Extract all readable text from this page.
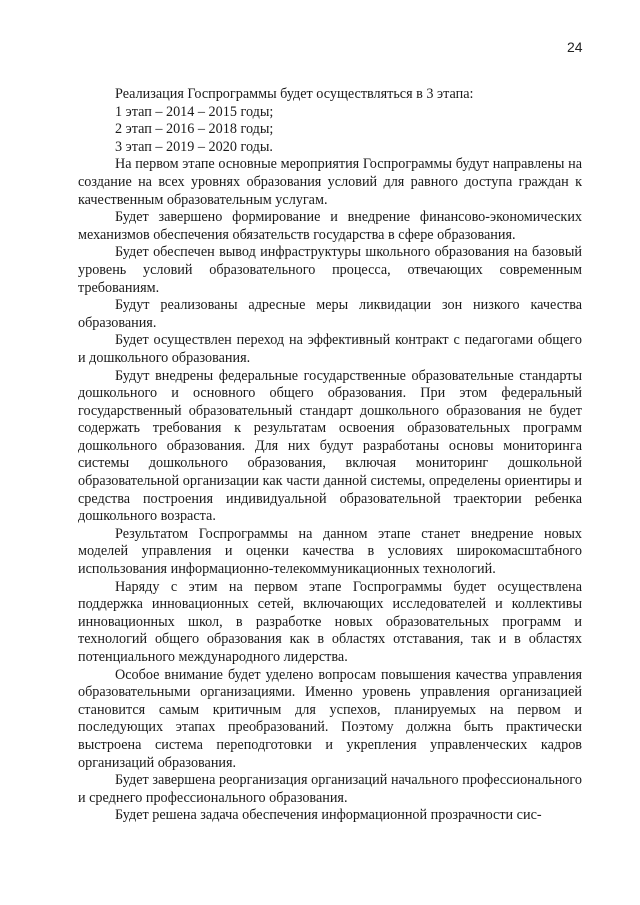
24

Реализация Госпрограммы будет осуществляться в 3 этапа:

1 этап – 2014 – 2015 годы;

2 этап – 2016 – 2018 годы;

3 этап – 2019 – 2020 годы.

На первом этапе основные мероприятия Госпрограммы будут направлены на создание на всех уровнях образования условий для равного доступа граждан к качественным образовательным услугам.

Будет завершено формирование и внедрение финансово-экономических механизмов обеспечения обязательств государства в сфере образования.

Будет обеспечен вывод инфраструктуры школьного образования на базовый уровень условий образовательного процесса, отвечающих современным требованиям.

Будут реализованы адресные меры ликвидации зон низкого качества образования.

Будет осуществлен переход на эффективный контракт с педагогами общего и дошкольного образования.

Будут внедрены федеральные государственные образовательные стандарты дошкольного и основного общего образования. При этом федеральный государственный образовательный стандарт дошкольного образования не будет содержать требования к результатам освоения образовательных программ дошкольного образования. Для них будут разработаны основы мониторинга системы дошкольного образования, включая мониторинг дошкольной образовательной организации как части данной системы, определены ориентиры и средства построения индивидуальной образовательной траектории ребенка дошкольного возраста.

Результатом Госпрограммы на данном этапе станет внедрение новых моделей управления и оценки качества в условиях широкомасштабного использования информационно-телекоммуникационных технологий.

Наряду с этим на первом этапе Госпрограммы будет осуществлена поддержка инновационных сетей, включающих исследователей и коллективы инновационных школ, в разработке новых образовательных программ и технологий общего образования как в областях отставания, так и в областях потенциального международного лидерства.

Особое внимание будет уделено вопросам повышения качества управления образовательными организациями. Именно уровень управления организацией становится самым критичным для успехов, планируемых на первом и последующих этапах преобразований. Поэтому должна быть практически выстроена система переподготовки и укрепления управленческих кадров организаций образования.

Будет завершена реорганизация организаций начального профессионального и среднего профессионального образования.

Будет решена задача обеспечения информационной прозрачности сис-
